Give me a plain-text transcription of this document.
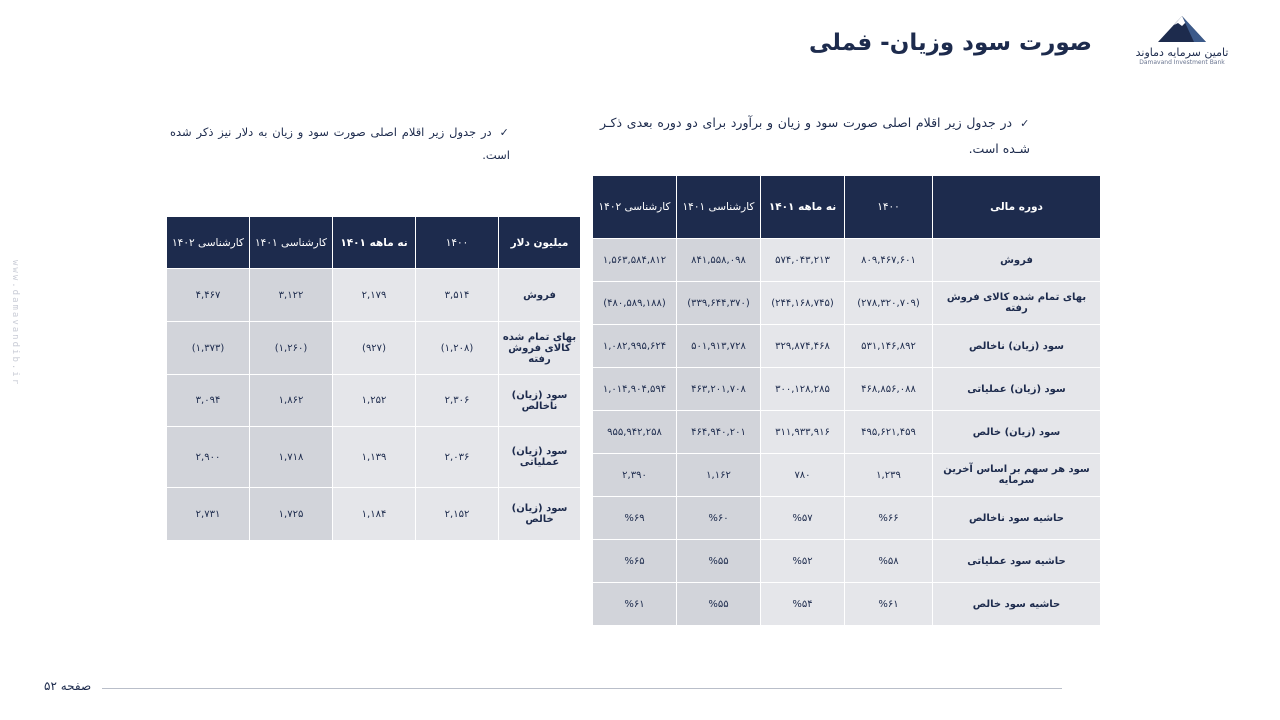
صورت سود وزیان- فملی	تامین سرمایه دماوند
Damavand Investment Bank
www.damavandib.ir
✓در جدول زیر اقلام اصلی صورت سود و زیان و برآورد برای دو دوره بعدی ذکـر شـده است.
✓در جدول زیر اقلام اصلی صورت سود و زیان به دلار نیز ذکر شده است.
دوره مالی	۱۴۰۰	نه ماهه ۱۴۰۱	کارشناسی ۱۴۰۱	کارشناسی ۱۴۰۲
فروش	۸۰۹,۴۶۷,۶۰۱	۵۷۴,۰۴۳,۲۱۳	۸۴۱,۵۵۸,۰۹۸	۱,۵۶۳,۵۸۴,۸۱۲
بهای تمام شده کالای فروش رفته	(۲۷۸,۳۲۰,۷۰۹)	(۲۴۴,۱۶۸,۷۴۵)	(۳۳۹,۶۴۴,۳۷۰)	(۴۸۰,۵۸۹,۱۸۸)
سود (زیان) ناخالص	۵۳۱,۱۴۶,۸۹۲	۳۲۹,۸۷۴,۴۶۸	۵۰۱,۹۱۳,۷۲۸	۱,۰۸۲,۹۹۵,۶۲۴
سود (زیان) عملیاتی	۴۶۸,۸۵۶,۰۸۸	۳۰۰,۱۲۸,۲۸۵	۴۶۳,۲۰۱,۷۰۸	۱,۰۱۴,۹۰۴,۵۹۴
سود (زیان) خالص	۴۹۵,۶۲۱,۴۵۹	۳۱۱,۹۳۳,۹۱۶	۴۶۴,۹۴۰,۲۰۱	۹۵۵,۹۴۲,۲۵۸
سود هر سهم بر اساس آخرین سرمایه	۱,۲۳۹	۷۸۰	۱,۱۶۲	۲,۳۹۰
حاشیه سود ناخالص	%۶۶	%۵۷	%۶۰	%۶۹
حاشیه سود عملیاتی	%۵۸	%۵۲	%۵۵	%۶۵
حاشیه سود خالص	%۶۱	%۵۴	%۵۵	%۶۱
میلیون دلار	۱۴۰۰	نه ماهه ۱۴۰۱	کارشناسی ۱۴۰۱	کارشناسی ۱۴۰۲
فروش	۳,۵۱۴	۲,۱۷۹	۳,۱۲۲	۴,۴۶۷
بهای تمام شده کالای فروش رفته	(۱,۲۰۸)	(۹۲۷)	(۱,۲۶۰)	(۱,۳۷۳)
سود (زیان) ناخالص	۲,۳۰۶	۱,۲۵۲	۱,۸۶۲	۳,۰۹۴
سود (زیان) عملیاتی	۲,۰۳۶	۱,۱۳۹	۱,۷۱۸	۲,۹۰۰
سود (زیان) خالص	۲,۱۵۲	۱,۱۸۴	۱,۷۲۵	۲,۷۳۱
صفحه ۵۲
